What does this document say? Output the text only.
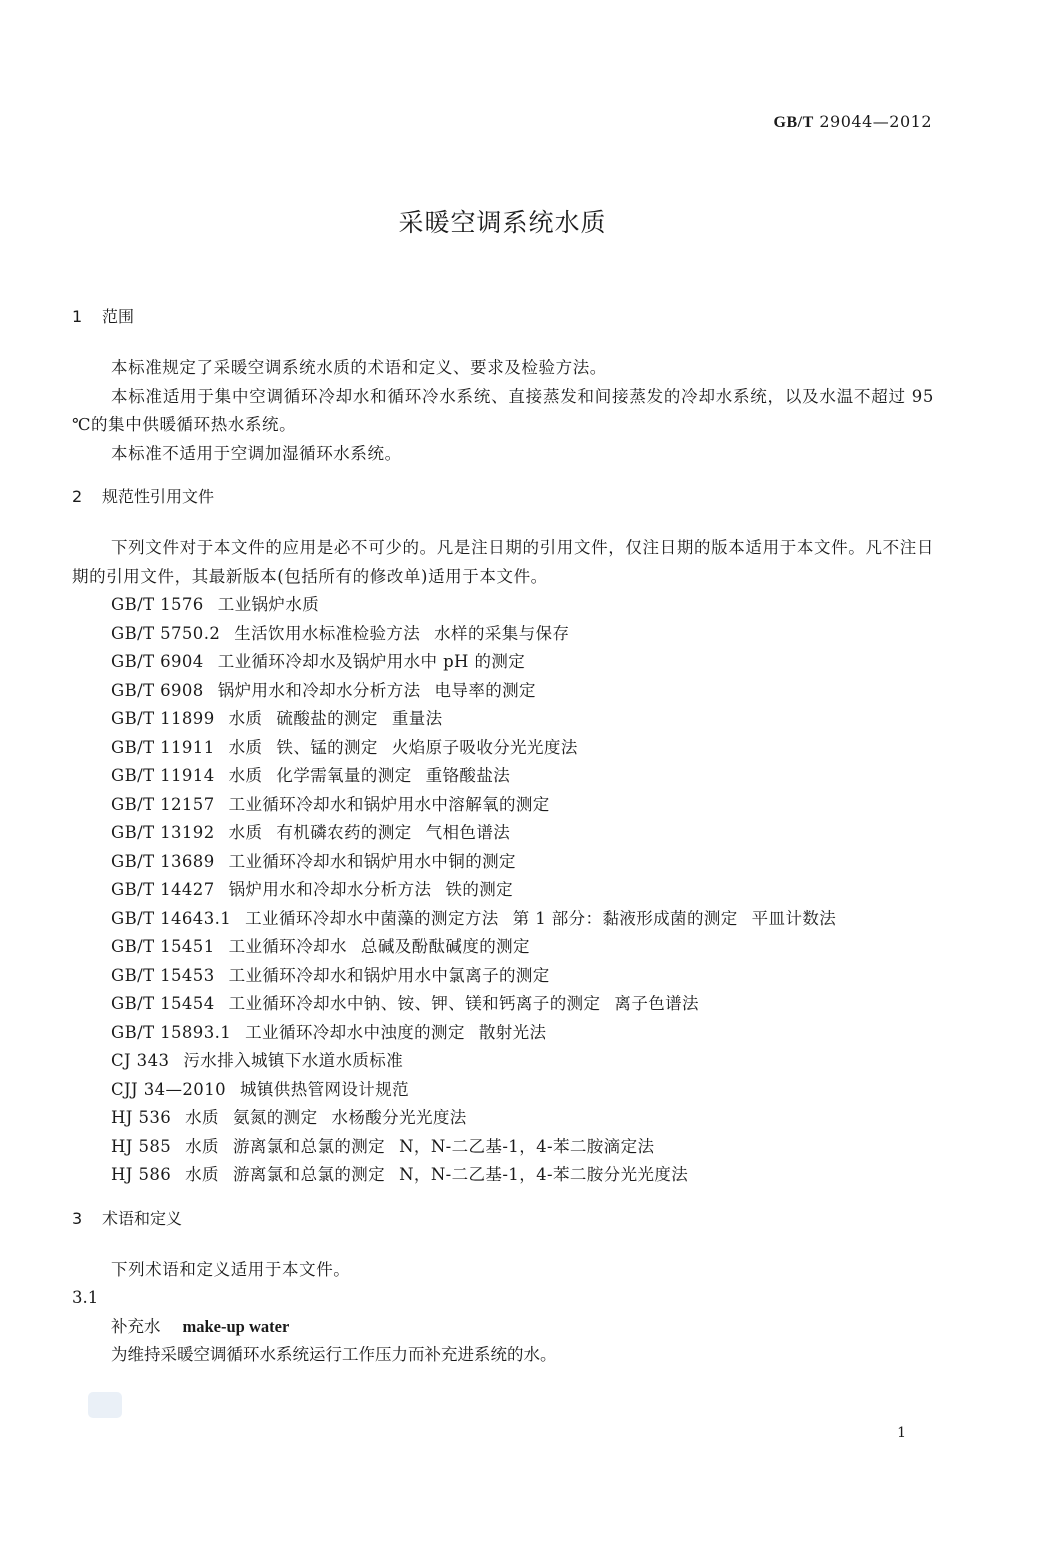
GB/T 29044—2012
采暖空调系统水质
1 范围
本标准规定了采暖空调系统水质的术语和定义、要求及检验方法。
本标准适用于集中空调循环冷却水和循环冷水系统、直接蒸发和间接蒸发的冷却水系统，以及水温不超过 95 ℃的集中供暖循环热水系统。
本标准不适用于空调加湿循环水系统。
2 规范性引用文件
下列文件对于本文件的应用是必不可少的。凡是注日期的引用文件，仅注日期的版本适用于本文件。凡不注日期的引用文件，其最新版本(包括所有的修改单)适用于本文件。
GB/T 1576 工业锅炉水质
GB/T 5750.2 生活饮用水标准检验方法 水样的采集与保存
GB/T 6904 工业循环冷却水及锅炉用水中 pH 的测定
GB/T 6908 锅炉用水和冷却水分析方法 电导率的测定
GB/T 11899 水质 硫酸盐的测定 重量法
GB/T 11911 水质 铁、锰的测定 火焰原子吸收分光光度法
GB/T 11914 水质 化学需氧量的测定 重铬酸盐法
GB/T 12157 工业循环冷却水和锅炉用水中溶解氧的测定
GB/T 13192 水质 有机磷农药的测定 气相色谱法
GB/T 13689 工业循环冷却水和锅炉用水中铜的测定
GB/T 14427 锅炉用水和冷却水分析方法 铁的测定
GB/T 14643.1 工业循环冷却水中菌藻的测定方法 第 1 部分：黏液形成菌的测定 平皿计数法
GB/T 15451 工业循环冷却水 总碱及酚酞碱度的测定
GB/T 15453 工业循环冷却水和锅炉用水中氯离子的测定
GB/T 15454 工业循环冷却水中钠、铵、钾、镁和钙离子的测定 离子色谱法
GB/T 15893.1 工业循环冷却水中浊度的测定 散射光法
CJ 343 污水排入城镇下水道水质标准
CJJ 34—2010 城镇供热管网设计规范
HJ 536 水质 氨氮的测定 水杨酸分光光度法
HJ 585 水质 游离氯和总氯的测定 N，N-二乙基-1，4-苯二胺滴定法
HJ 586 水质 游离氯和总氯的测定 N，N-二乙基-1，4-苯二胺分光光度法
3 术语和定义
下列术语和定义适用于本文件。
3.1
补充水 make-up water
为维持采暖空调循环水系统运行工作压力而补充进系统的水。
1
